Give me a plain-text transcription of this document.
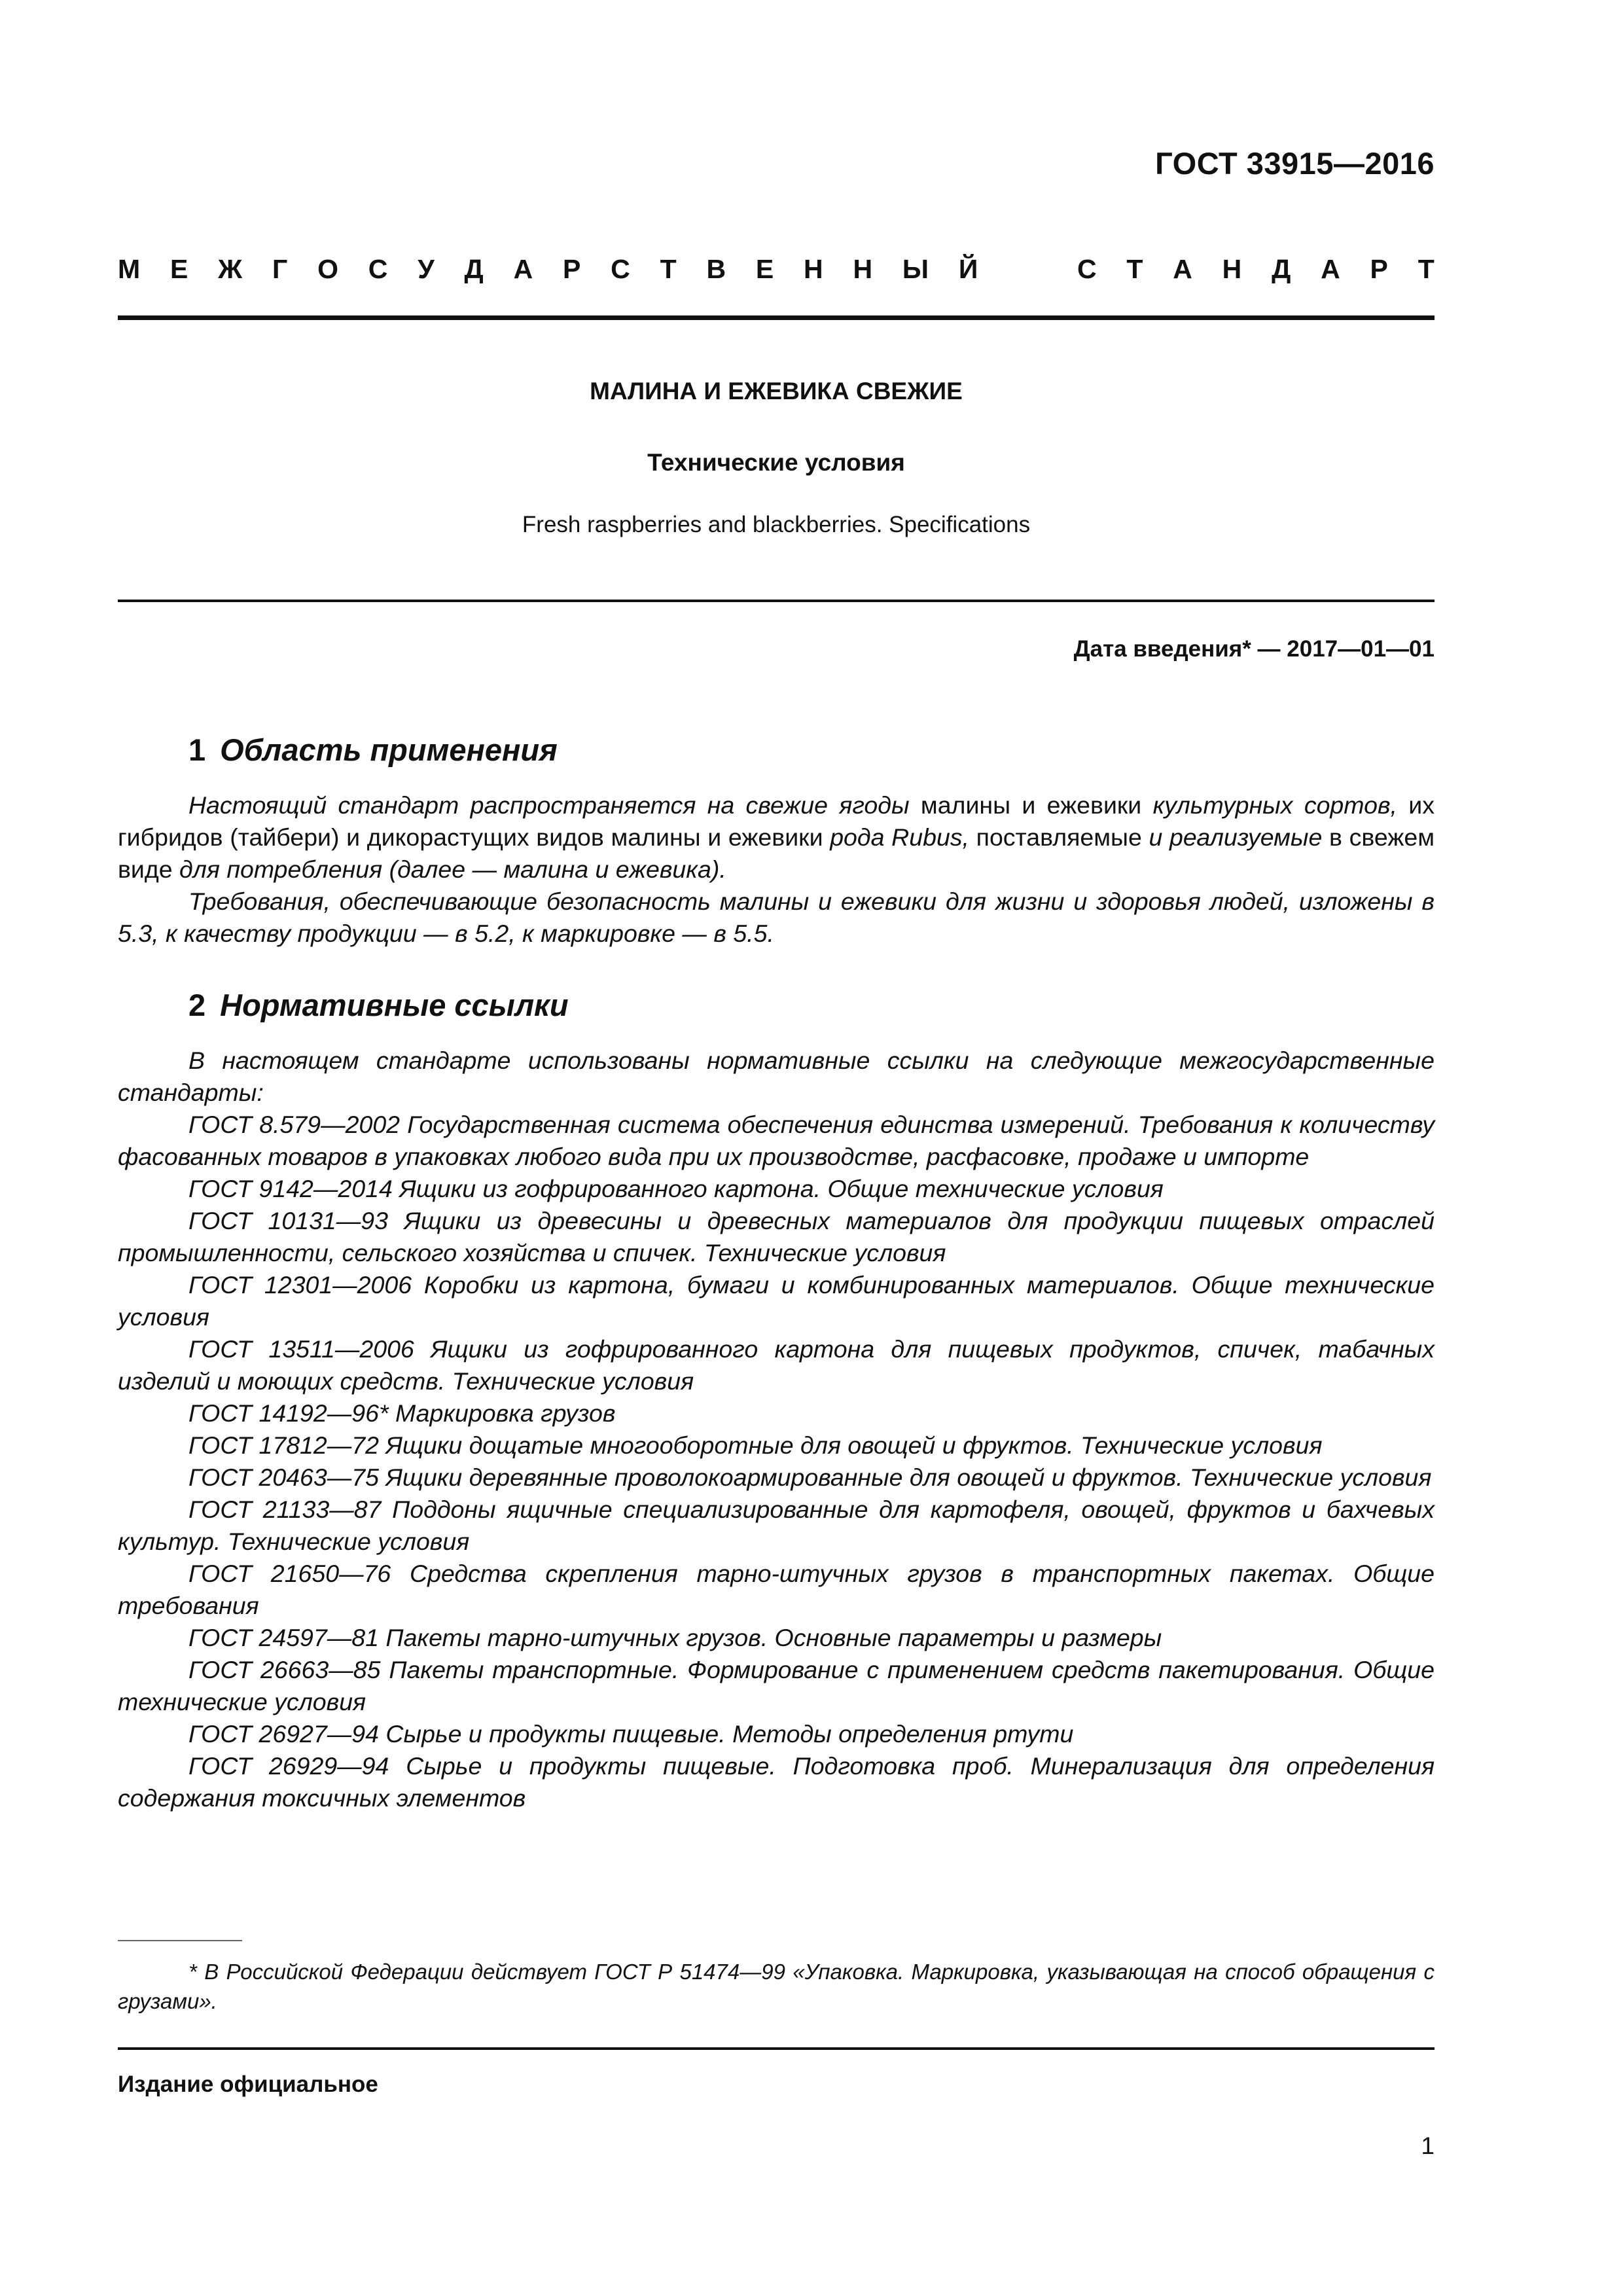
ГОСТ 33915—2016
М Е Ж Г О С У Д А Р С Т В Е Н Н Ы Й	С Т А Н Д А Р Т
МАЛИНА И ЕЖЕВИКА СВЕЖИЕ
Технические условия
Fresh raspberries and blackberries. Specifications
Дата введения* — 2017—01—01
1 Область применения

Настоящий стандарт распространяется на свежие ягоды малины и ежевики культурных сортов, их гибридов (тайбери) и дикорастущих видов малины и ежевики рода Rubus, поставляемые и реализуемые в свежем виде для потребления (далее — малина и ежевика).

Требования, обеспечивающие безопасность малины и ежевики для жизни и здоровья людей, изложены в 5.3, к качеству продукции — в 5.2, к маркировке — в 5.5.

2 Нормативные ссылки

В настоящем стандарте использованы нормативные ссылки на следующие межгосударственные стандарты:

ГОСТ 8.579—2002 Государственная система обеспечения единства измерений. Требования к количеству фасованных товаров в упаковках любого вида при их производстве, расфасовке, продаже и импорте

ГОСТ 9142—2014 Ящики из гофрированного картона. Общие технические условия

ГОСТ 10131—93 Ящики из древесины и древесных материалов для продукции пищевых отраслей промышленности, сельского хозяйства и спичек. Технические условия

ГОСТ 12301—2006 Коробки из картона, бумаги и комбинированных материалов. Общие технические условия

ГОСТ 13511—2006 Ящики из гофрированного картона для пищевых продуктов, спичек, табачных изделий и моющих средств. Технические условия

ГОСТ 14192—96* Маркировка грузов

ГОСТ 17812—72 Ящики дощатые многооборотные для овощей и фруктов. Технические условия

ГОСТ 20463—75 Ящики деревянные проволокоармированные для овощей и фруктов. Технические условия

ГОСТ 21133—87 Поддоны ящичные специализированные для картофеля, овощей, фруктов и бахчевых культур. Технические условия

ГОСТ 21650—76 Средства скрепления тарно-штучных грузов в транспортных пакетах. Общие требования

ГОСТ 24597—81 Пакеты тарно-штучных грузов. Основные параметры и размеры

ГОСТ 26663—85 Пакеты транспортные. Формирование с применением средств пакетирования. Общие технические условия

ГОСТ 26927—94 Сырье и продукты пищевые. Методы определения ртути

ГОСТ 26929—94 Сырье и продукты пищевые. Подготовка проб. Минерализация для определения содержания токсичных элементов

* В Российской Федерации действует ГОСТ Р 51474—99 «Упаковка. Маркировка, указывающая на способ обращения с грузами».
Издание официальное
1
